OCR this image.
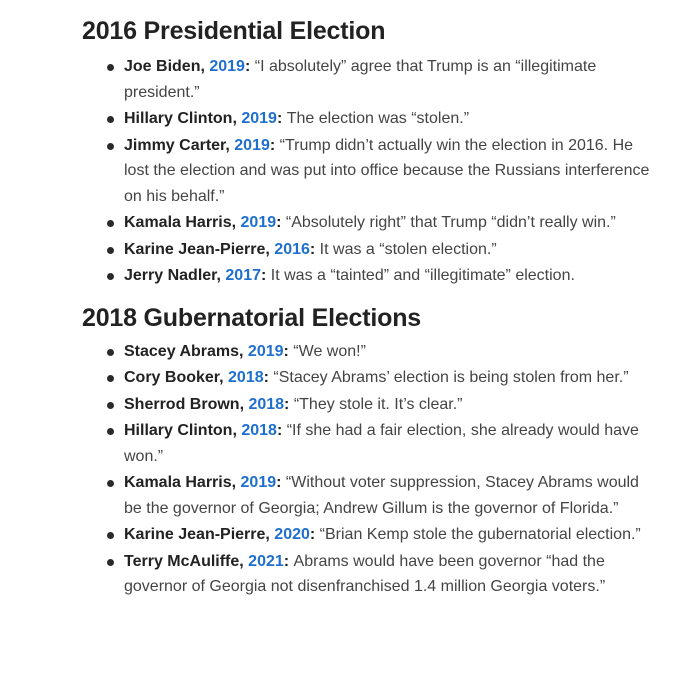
2016 Presidential Election
Joe Biden, 2019: “I absolutely” agree that Trump is an “illegitimate president.”
Hillary Clinton, 2019: The election was “stolen.”
Jimmy Carter, 2019: “Trump didn’t actually win the election in 2016. He lost the election and was put into office because the Russians interference on his behalf.”
Kamala Harris, 2019: “Absolutely right” that Trump “didn’t really win.”
Karine Jean-Pierre, 2016: It was a “stolen election.”
Jerry Nadler, 2017: It was a “tainted” and “illegitimate” election.
2018 Gubernatorial Elections
Stacey Abrams, 2019: “We won!”
Cory Booker, 2018: “Stacey Abrams’ election is being stolen from her.”
Sherrod Brown, 2018: “They stole it. It’s clear.”
Hillary Clinton, 2018: “If she had a fair election, she already would have won.”
Kamala Harris, 2019: “Without voter suppression, Stacey Abrams would be the governor of Georgia; Andrew Gillum is the governor of Florida.”
Karine Jean-Pierre, 2020: “Brian Kemp stole the gubernatorial election.”
Terry McAuliffe, 2021: Abrams would have been governor “had the governor of Georgia not disenfranchised 1.4 million Georgia voters.”
